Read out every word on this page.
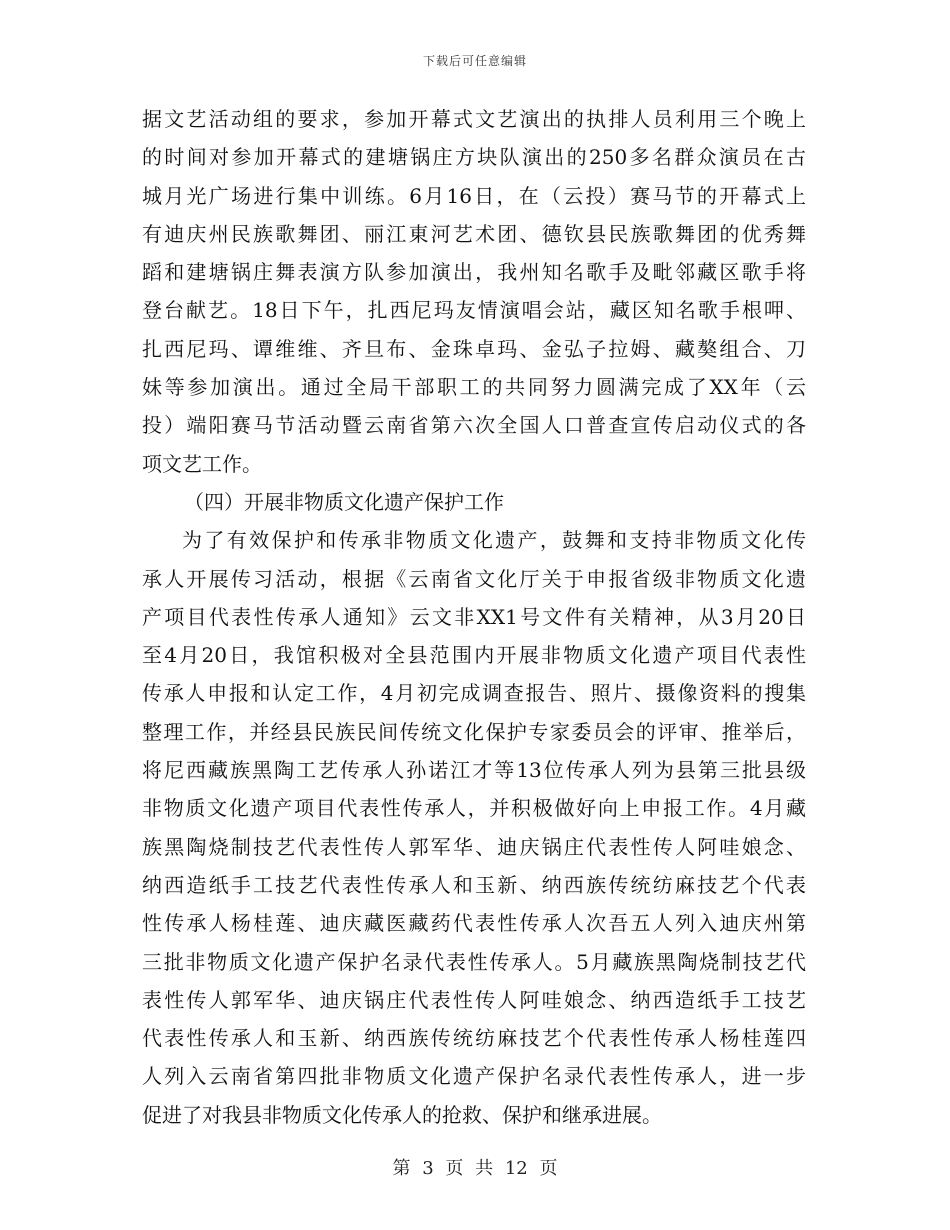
下载后可任意编辑
据文艺活动组的要求，参加开幕式文艺演出的执排人员利用三个晚上
的时间对参加开幕式的建塘锅庄方块队演出的250多名群众演员在古
城月光广场进行集中训练。6月16日，在（云投）赛马节的开幕式上
有迪庆州民族歌舞团、丽江東河艺术团、德钦县民族歌舞团的优秀舞
蹈和建塘锅庄舞表演方队参加演出，我州知名歌手及毗邻藏区歌手将
登台献艺。18日下午，扎西尼玛友情演唱会站，藏区知名歌手根呷、
扎西尼玛、谭维维、齐旦布、金珠卓玛、金弘子拉姆、藏獒组合、刀
妹等参加演出。通过全局干部职工的共同努力圆满完成了XX年（云
投）端阳赛马节活动暨云南省第六次全国人口普查宣传启动仪式的各
项文艺工作。
（四）开展非物质文化遗产保护工作
为了有效保护和传承非物质文化遗产，鼓舞和支持非物质文化传
承人开展传习活动，根据《云南省文化厅关于申报省级非物质文化遗
产项目代表性传承人通知》云文非XX1号文件有关精神，从3月20日
至4月20日，我馆积极对全县范围内开展非物质文化遗产项目代表性
传承人申报和认定工作，4月初完成调查报告、照片、摄像资料的搜集
整理工作，并经县民族民间传统文化保护专家委员会的评审、推举后，
将尼西藏族黑陶工艺传承人孙诺江才等13位传承人列为县第三批县级
非物质文化遗产项目代表性传承人，并积极做好向上申报工作。4月藏
族黑陶烧制技艺代表性传人郭军华、迪庆锅庄代表性传人阿哇娘念、
纳西造纸手工技艺代表性传承人和玉新、纳西族传统纺麻技艺个代表
性传承人杨桂莲、迪庆藏医藏药代表性传承人次吾五人列入迪庆州第
三批非物质文化遗产保护名录代表性传承人。5月藏族黑陶烧制技艺代
表性传人郭军华、迪庆锅庄代表性传人阿哇娘念、纳西造纸手工技艺
代表性传承人和玉新、纳西族传统纺麻技艺个代表性传承人杨桂莲四
人列入云南省第四批非物质文化遗产保护名录代表性传承人，进一步
促进了对我县非物质文化传承人的抢救、保护和继承进展。
第 3 页 共 12 页
